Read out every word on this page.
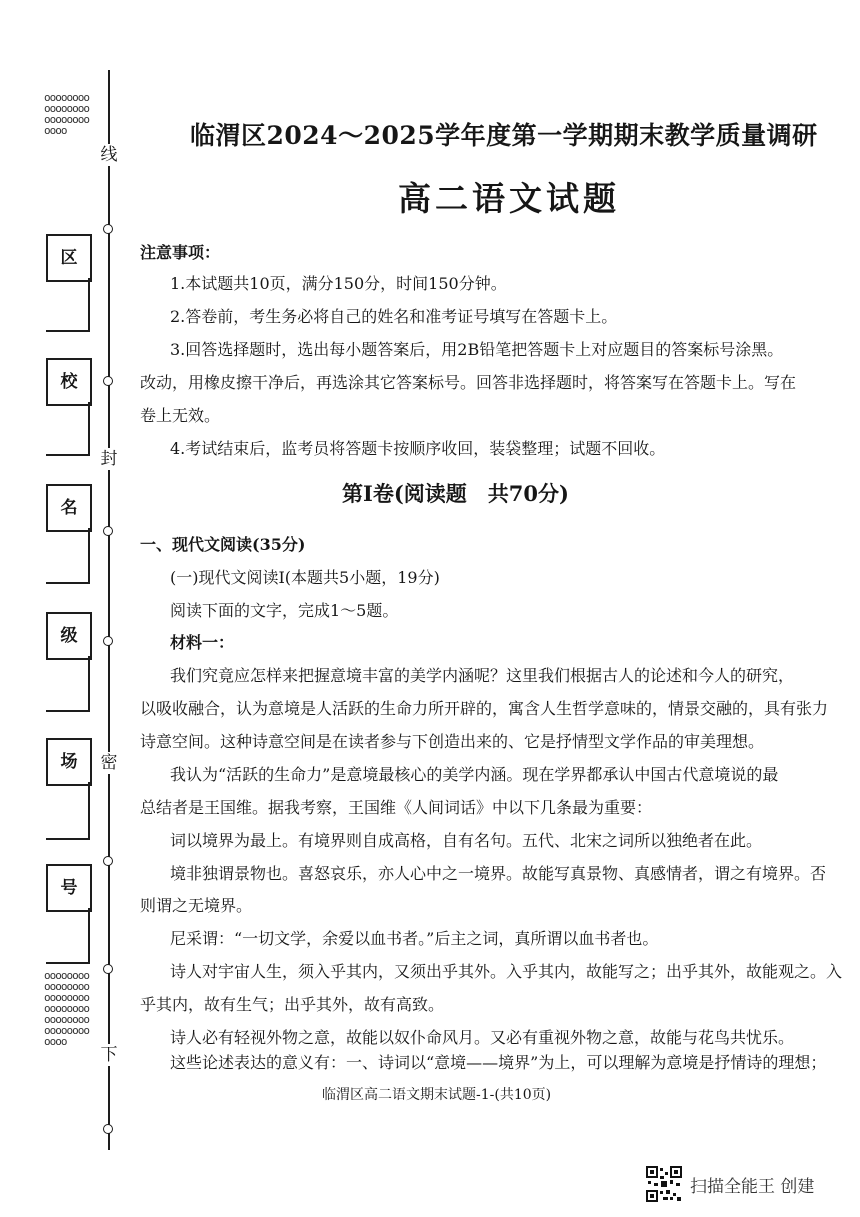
oooooooooooooooooooooooooooo
线
区
校
封
名
级
场	密
号
oooooooooooooooooooooooooooooooooooooooooooooooooooo
下
临渭区2024～2025学年度第一学期期末教学质量调研
高二语文试题
注意事项：
1.本试题共10页，满分150分，时间150分钟。
2.答卷前，考生务必将自己的姓名和准考证号填写在答题卡上。
3.回答选择题时，选出每小题答案后，用2B铅笔把答题卡上对应题目的答案标号涂黑。
改动，用橡皮擦干净后，再选涂其它答案标号。回答非选择题时，将答案写在答题卡上。写在
卷上无效。
4.考试结束后，监考员将答题卡按顺序收回，装袋整理；试题不回收。
第Ⅰ卷(阅读题　共70分)
一、现代文阅读(35分)
(一)现代文阅读Ⅰ(本题共5小题，19分)
阅读下面的文字，完成1～5题。
材料一：
我们究竟应怎样来把握意境丰富的美学内涵呢？这里我们根据古人的论述和今人的研究，
以吸收融合，认为意境是人活跃的生命力所开辟的，寓含人生哲学意味的，情景交融的，具有张力
诗意空间。这种诗意空间是在读者参与下创造出来的、它是抒情型文学作品的审美理想。
我认为“活跃的生命力”是意境最核心的美学内涵。现在学界都承认中国古代意境说的最
总结者是王国维。据我考察，王国维《人间词话》中以下几条最为重要：
词以境界为最上。有境界则自成高格，自有名句。五代、北宋之词所以独绝者在此。
境非独谓景物也。喜怒哀乐，亦人心中之一境界。故能写真景物、真感情者，谓之有境界。否
则谓之无境界。
尼采谓：“一切文学，余爱以血书者。”后主之词，真所谓以血书者也。
诗人对宇宙人生，须入乎其内，又须出乎其外。入乎其内，故能写之；出乎其外，故能观之。入
乎其内，故有生气；出乎其外，故有高致。
诗人必有轻视外物之意，故能以奴仆命风月。又必有重视外物之意，故能与花鸟共忧乐。
这些论述表达的意义有：一、诗词以“意境——境界”为上，可以理解为意境是抒情诗的理想；
临渭区高二语文期末试题-1-(共10页)
扫描全能王 创建
